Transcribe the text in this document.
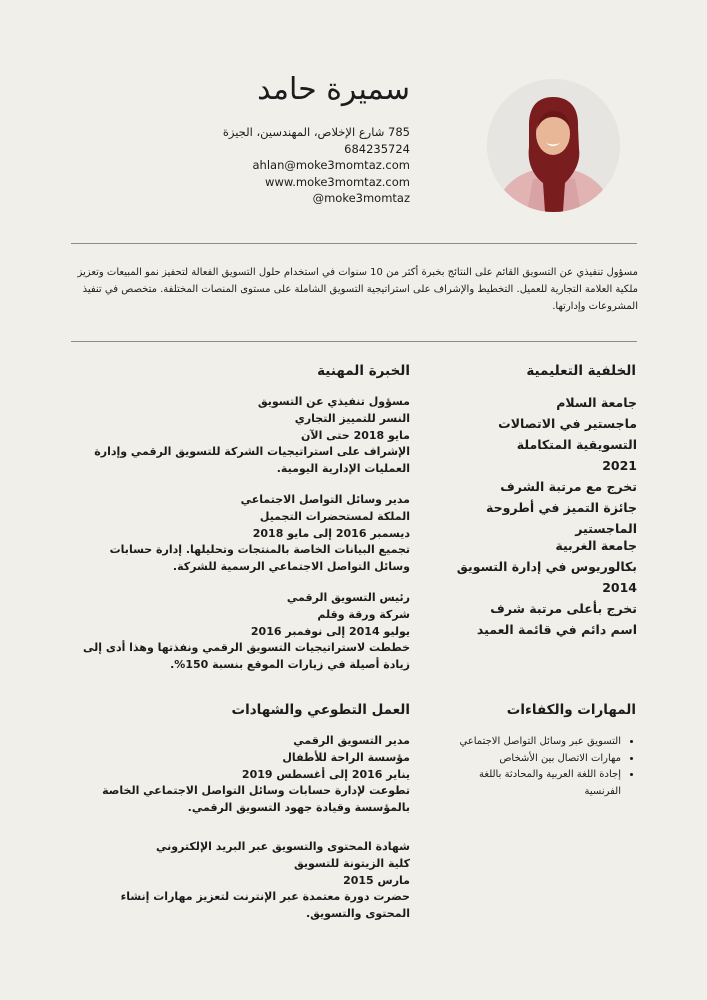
سميرة حامد
785 شارع الإخلاص، المهندسين، الجيزة
684235724
ahlan@moke3momtaz.com
www.moke3momtaz.com
moke3momtaz@
مسؤول تنفيذي عن التسويق القائم على النتائج بخبرة أكثر من 10 سنوات في استخدام حلول التسويق الفعالة لتحفيز نمو المبيعات وتعزيز ملكية العلامة التجارية للعميل. التخطيط والإشراف على استراتيجية التسويق الشاملة على مستوى المنصات المختلفة. متخصص في تنفيذ المشروعات وإدارتها.
الخلفية التعليمية
جامعة السلام
ماجستير في الاتصالات التسويقية المتكاملة
2021
تخرج مع مرتبة الشرف
جائزة التميز في أطروحة الماجستير
جامعة الغربية
بكالوريوس في إدارة التسويق
2014
تخرج بأعلى مرتبة شرف
اسم دائم في قائمة العميد
الخبرة المهنية
مسؤول تنفيذي عن التسويق
النسر للتمييز التجاري
مايو 2018 حتى الآن
الإشراف على استراتيجيات الشركة للتسويق الرقمي وإدارة العمليات الإدارية اليومية.
مدير وسائل التواصل الاجتماعي
الملكة لمستحضرات التجميل
ديسمبر 2016 إلى مايو 2018
تجميع البيانات الخاصة بالمنتجات وتحليلها. إدارة حسابات وسائل التواصل الاجتماعي الرسمية للشركة.
رئيس التسويق الرقمي
شركة ورقة وقلم
يوليو 2014 إلى نوفمبر 2016
خططت لاستراتيجيات التسويق الرقمي ونفذتها وهذا أدى إلى زيادة أصيلة في زيارات الموقع بنسبة 150%.
المهارات والكفاءات
• التسويق عبر وسائل التواصل الاجتماعي
• مهارات الاتصال بين الأشخاص
• إجادة اللغة العربية والمحادثة باللغة الفرنسية
العمل التطوعي والشهادات
مدير التسويق الرقمي
مؤسسة الراحة للأطفال
يناير 2016 إلى أغسطس 2019
تطوعت لإدارة حسابات وسائل التواصل الاجتماعي الخاصة بالمؤسسة وقيادة جهود التسويق الرقمي.
شهادة المحتوى والتسويق عبر البريد الإلكتروني
كلية الزيتونة للتسويق
مارس 2015
حضرت دورة معتمدة عبر الإنترنت لتعزيز مهارات إنشاء المحتوى والتسويق.
